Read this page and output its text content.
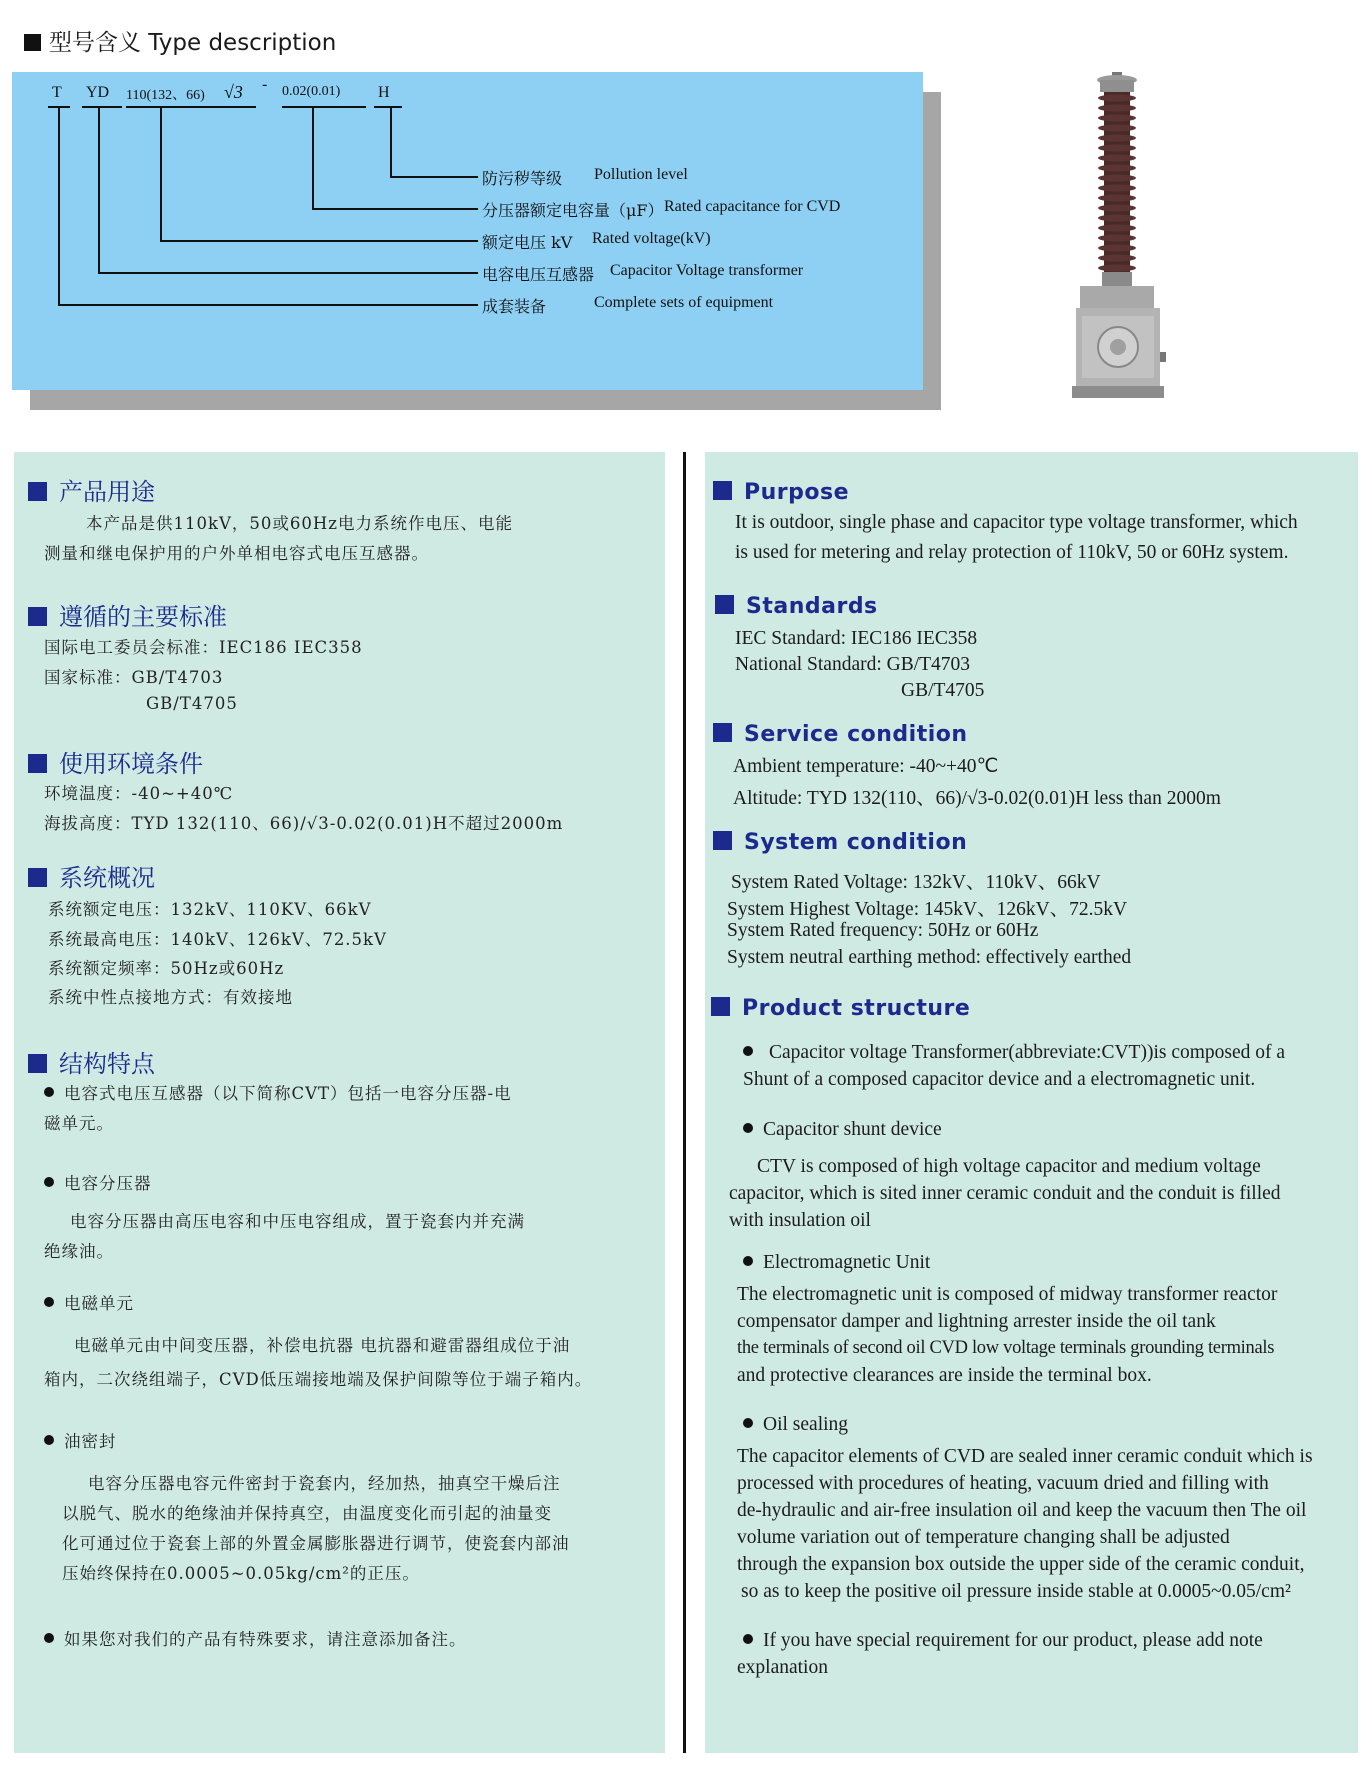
型号含义 Type description
T YD 110(132、66) √3 - 0.02(0.01) H
防污秽等级 Pollution level
分压器额定电容量（μF） Rated capacitance for CVD
额定电压 kV Rated voltage(kV)
电容电压互感器 Capacitor Voltage transformer
成套装备	Complete sets of equipment
产品用途
本产品是供110kV，50或60Hz电力系统作电压、电能
测量和继电保护用的户外单相电容式电压互感器。
遵循的主要标准
国际电工委员会标准：IEC186 IEC358
国家标准：GB/T4703
GB/T4705
使用环境条件
环境温度：-40~+40℃
海拔高度：TYD 132(110、66)/√3-0.02(0.01)H不超过2000m
系统概况
系统额定电压：132kV、110KV、66kV
系统最高电压：140kV、126kV、72.5kV
系统额定频率：50Hz或60Hz
系统中性点接地方式：有效接地
结构特点
电容式电压互感器（以下简称CVT）包括一电容分压器-电
磁单元。
电容分压器
电容分压器由高压电容和中压电容组成，置于瓷套内并充满
绝缘油。
电磁单元
电磁单元由中间变压器，补偿电抗器 电抗器和避雷器组成位于油
箱内，二次绕组端子，CVD低压端接地端及保护间隙等位于端子箱内。
油密封
电容分压器电容元件密封于瓷套内，经加热，抽真空干燥后注
以脱气、脱水的绝缘油并保持真空，由温度变化而引起的油量变
化可通过位于瓷套上部的外置金属膨胀器进行调节，使瓷套内部油
压始终保持在0.0005~0.05kg/cm²的正压。
如果您对我们的产品有特殊要求，请注意添加备注。
Purpose
It is outdoor, single phase and capacitor type voltage transformer, which
is used for metering and relay protection of 110kV, 50 or 60Hz system.
Standards
IEC Standard: IEC186 IEC358
National Standard: GB/T4703
GB/T4705
Service condition
Ambient temperature: -40~+40℃
Altitude: TYD 132(110、66)/√3-0.02(0.01)H less than 2000m
System condition
System Rated Voltage: 132kV、110kV、66kV
System Highest Voltage: 145kV、126kV、72.5kV
System Rated frequency: 50Hz or 60Hz
System neutral earthing method: effectively earthed
Product structure
Capacitor voltage Transformer(abbreviate:CVT))is composed of a
Shunt of a composed capacitor device and a electromagnetic unit.
Capacitor shunt device
CTV is composed of high voltage capacitor and medium voltage
capacitor, which is sited inner ceramic conduit and the conduit is filled
with insulation oil
Electromagnetic Unit
The electromagnetic unit is composed of midway transformer reactor
compensator damper and lightning arrester inside the oil tank
the terminals of second oil CVD low voltage terminals grounding terminals
and protective clearances are inside the terminal box.
Oil sealing
The capacitor elements of CVD are sealed inner ceramic conduit which is
processed with procedures of heating, vacuum dried and filling with
de-hydraulic and air-free insulation oil and keep the vacuum then The oil
volume variation out of temperature changing shall be adjusted
through the expansion box outside the upper side of the ceramic conduit,
so as to keep the positive oil pressure inside stable at 0.0005~0.05/cm²
If you have special requirement for our product, please add note
explanation
